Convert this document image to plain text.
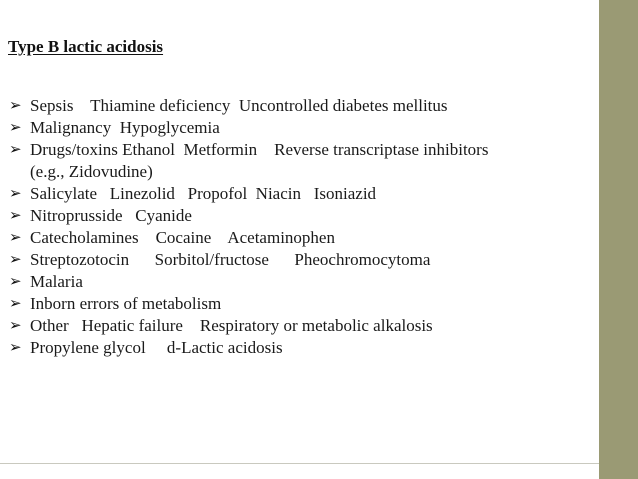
Type B lactic acidosis
➢ Sepsis    Thiamine deficiency  Uncontrolled diabetes mellitus
➢ Malignancy  Hypoglycemia
➢ Drugs/toxins Ethanol  Metformin    Reverse transcriptase inhibitors
(e.g., Zidovudine)
➢ Salicylate   Linezolid   Propofol  Niacin   Isoniazid
➢ Nitroprusside   Cyanide
➢ Catecholamines    Cocaine    Acetaminophen
➢ Streptozotocin      Sorbitol/fructose      Pheochromocytoma
➢ Malaria
➢ Inborn errors of metabolism
➢ Other   Hepatic failure    Respiratory or metabolic alkalosis
➢ Propylene glycol     d-Lactic acidosis
